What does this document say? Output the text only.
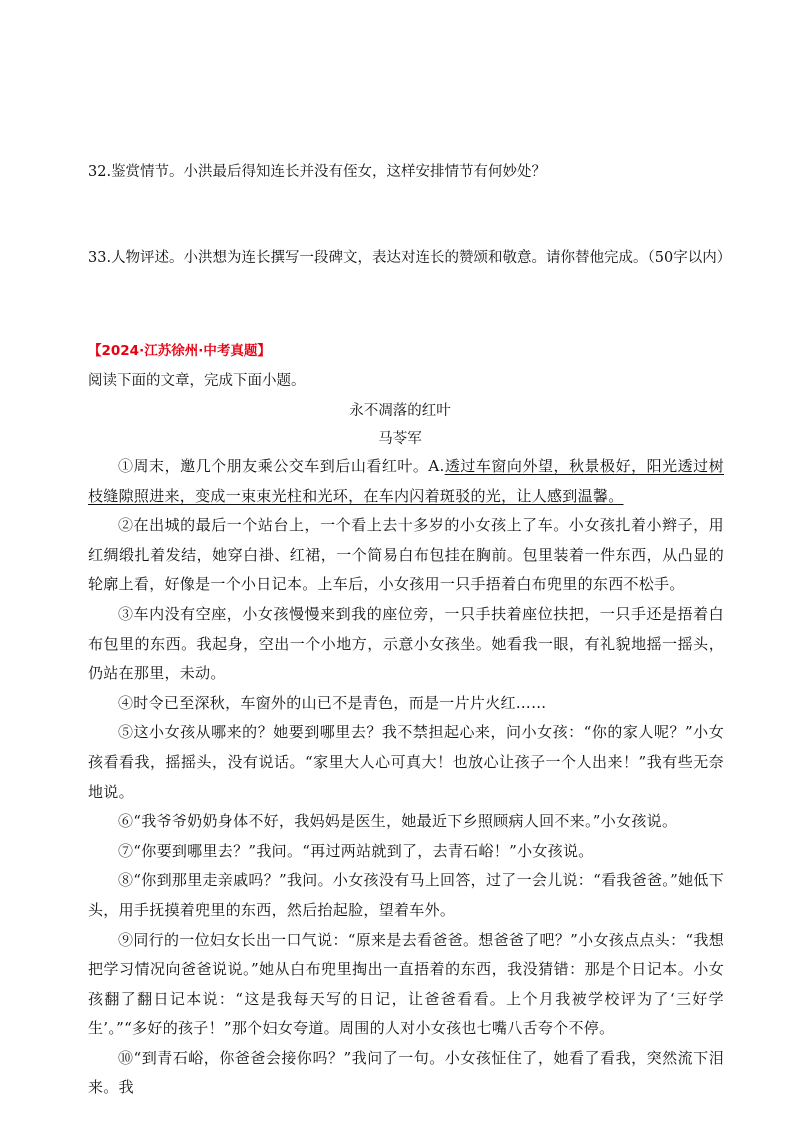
32.鉴赏情节。小洪最后得知连长并没有侄女，这样安排情节有何妙处？
33.人物评述。小洪想为连长撰写一段碑文，表达对连长的赞颂和敬意。请你替他完成。（50字以内）
【2024·江苏徐州·中考真题】
阅读下面的文章，完成下面小题。
永不凋落的红叶
马苓军

①周末，邀几个朋友乘公交车到后山看红叶。A.透过车窗向外望，秋景极好，阳光透过树枝缝隙照进来，变成一束束光柱和光环，在车内闪着斑驳的光，让人感到温馨。

②在出城的最后一个站台上，一个看上去十多岁的小女孩上了车。小女孩扎着小辫子，用红绸缎扎着发结，她穿白褂、红裙，一个简易白布包挂在胸前。包里装着一件东西，从凸显的轮廓上看，好像是一个小日记本。上车后，小女孩用一只手捂着白布兜里的东西不松手。

③车内没有空座，小女孩慢慢来到我的座位旁，一只手扶着座位扶把，一只手还是捂着白布包里的东西。我起身，空出一个小地方，示意小女孩坐。她看我一眼，有礼貌地摇一摇头，仍站在那里，未动。

④时令已至深秋，车窗外的山已不是青色，而是一片片火红……

⑤这小女孩从哪来的？她要到哪里去？我不禁担起心来，问小女孩：“你的家人呢？”小女孩看看我，摇摇头，没有说话。“家里大人心可真大！也放心让孩子一个人出来！”我有些无奈地说。

⑥“我爷爷奶奶身体不好，我妈妈是医生，她最近下乡照顾病人回不来。”小女孩说。

⑦“你要到哪里去？”我问。“再过两站就到了，去青石峪！”小女孩说。

⑧“你到那里走亲戚吗？”我问。小女孩没有马上回答，过了一会儿说：“看我爸爸。”她低下头，用手抚摸着兜里的东西，然后抬起脸，望着车外。

⑨同行的一位妇女长出一口气说：“原来是去看爸爸。想爸爸了吧？”小女孩点点头：“我想把学习情况向爸爸说说。”她从白布兜里掏出一直捂着的东西，我没猜错：那是个日记本。小女孩翻了翻日记本说：“这是我每天写的日记，让爸爸看看。上个月我被学校评为了‘三好学生’。”“多好的孩子！”那个妇女夸道。周围的人对小女孩也七嘴八舌夸个不停。

⑩“到青石峪，你爸爸会接你吗？”我问了一句。小女孩怔住了，她看了看我，突然流下泪来。我
